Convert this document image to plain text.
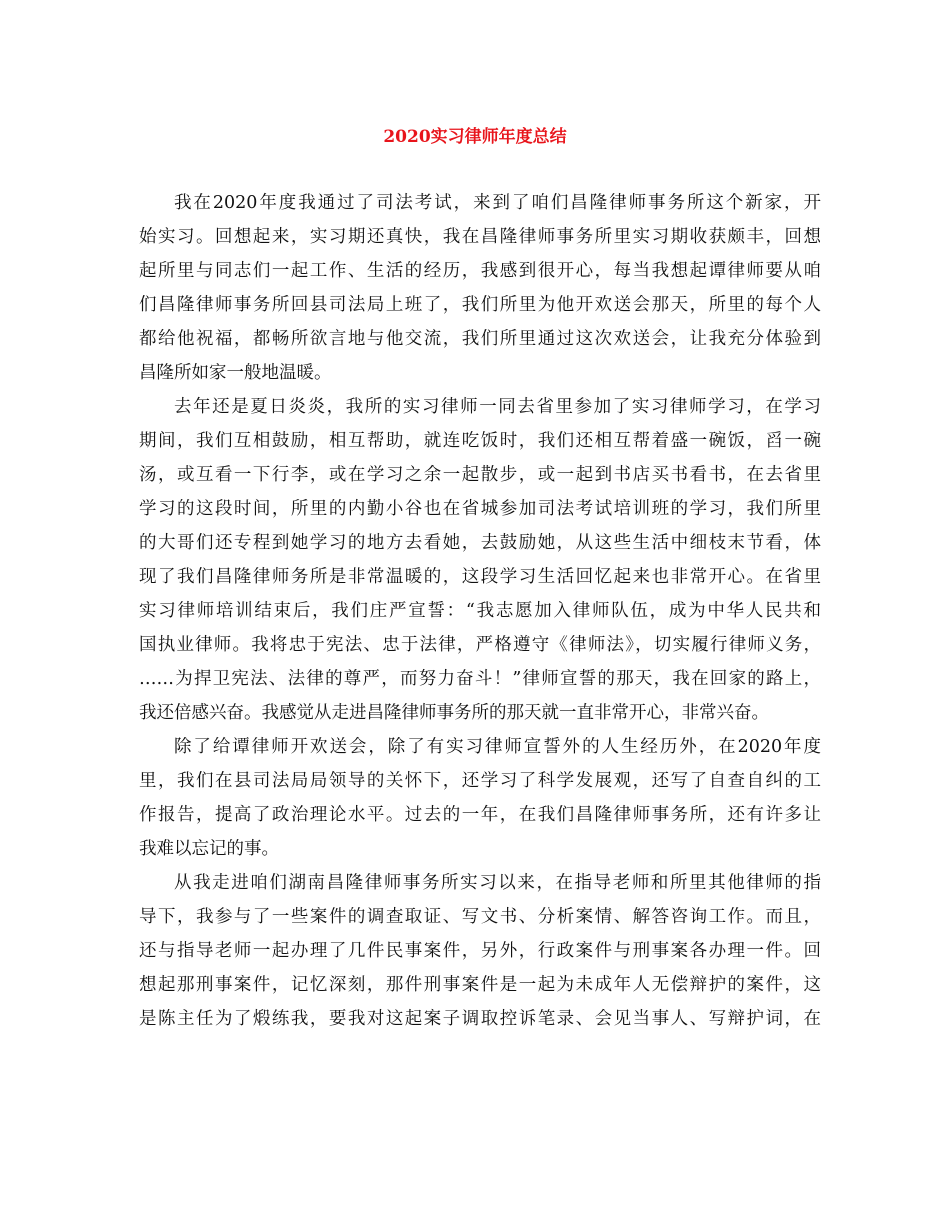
2020实习律师年度总结

我在2020年度我通过了司法考试，来到了咱们昌隆律师事务所这个新家，开
始实习。回想起来，实习期还真快，我在昌隆律师事务所里实习期收获颇丰，回想
起所里与同志们一起工作、生活的经历，我感到很开心，每当我想起谭律师要从咱
们昌隆律师事务所回县司法局上班了，我们所里为他开欢送会那天，所里的每个人
都给他祝福，都畅所欲言地与他交流，我们所里通过这次欢送会，让我充分体验到
昌隆所如家一般地温暖。

去年还是夏日炎炎，我所的实习律师一同去省里参加了实习律师学习，在学习
期间，我们互相鼓励，相互帮助，就连吃饭时，我们还相互帮着盛一碗饭，舀一碗
汤，或互看一下行李，或在学习之余一起散步，或一起到书店买书看书，在去省里
学习的这段时间，所里的内勤小谷也在省城参加司法考试培训班的学习，我们所里
的大哥们还专程到她学习的地方去看她，去鼓励她，从这些生活中细枝末节看，体
现了我们昌隆律师务所是非常温暖的，这段学习生活回忆起来也非常开心。在省里
实习律师培训结束后，我们庄严宣誓：“我志愿加入律师队伍，成为中华人民共和
国执业律师。我将忠于宪法、忠于法律，严格遵守《律师法》，切实履行律师义务，
……为捍卫宪法、法律的尊严，而努力奋斗！”律师宣誓的那天，我在回家的路上，
我还倍感兴奋。我感觉从走进昌隆律师事务所的那天就一直非常开心，非常兴奋。

除了给谭律师开欢送会，除了有实习律师宣誓外的人生经历外，在2020年度
里，我们在县司法局局领导的关怀下，还学习了科学发展观，还写了自查自纠的工
作报告，提高了政治理论水平。过去的一年，在我们昌隆律师事务所，还有许多让
我难以忘记的事。

从我走进咱们湖南昌隆律师事务所实习以来，在指导老师和所里其他律师的指
导下，我参与了一些案件的调查取证、写文书、分析案情、解答咨询工作。而且，
还与指导老师一起办理了几件民事案件，另外，行政案件与刑事案各办理一件。回
想起那刑事案件，记忆深刻，那件刑事案件是一起为未成年人无偿辩护的案件，这
是陈主任为了煅练我，要我对这起案子调取控诉笔录、会见当事人、写辩护词，在
